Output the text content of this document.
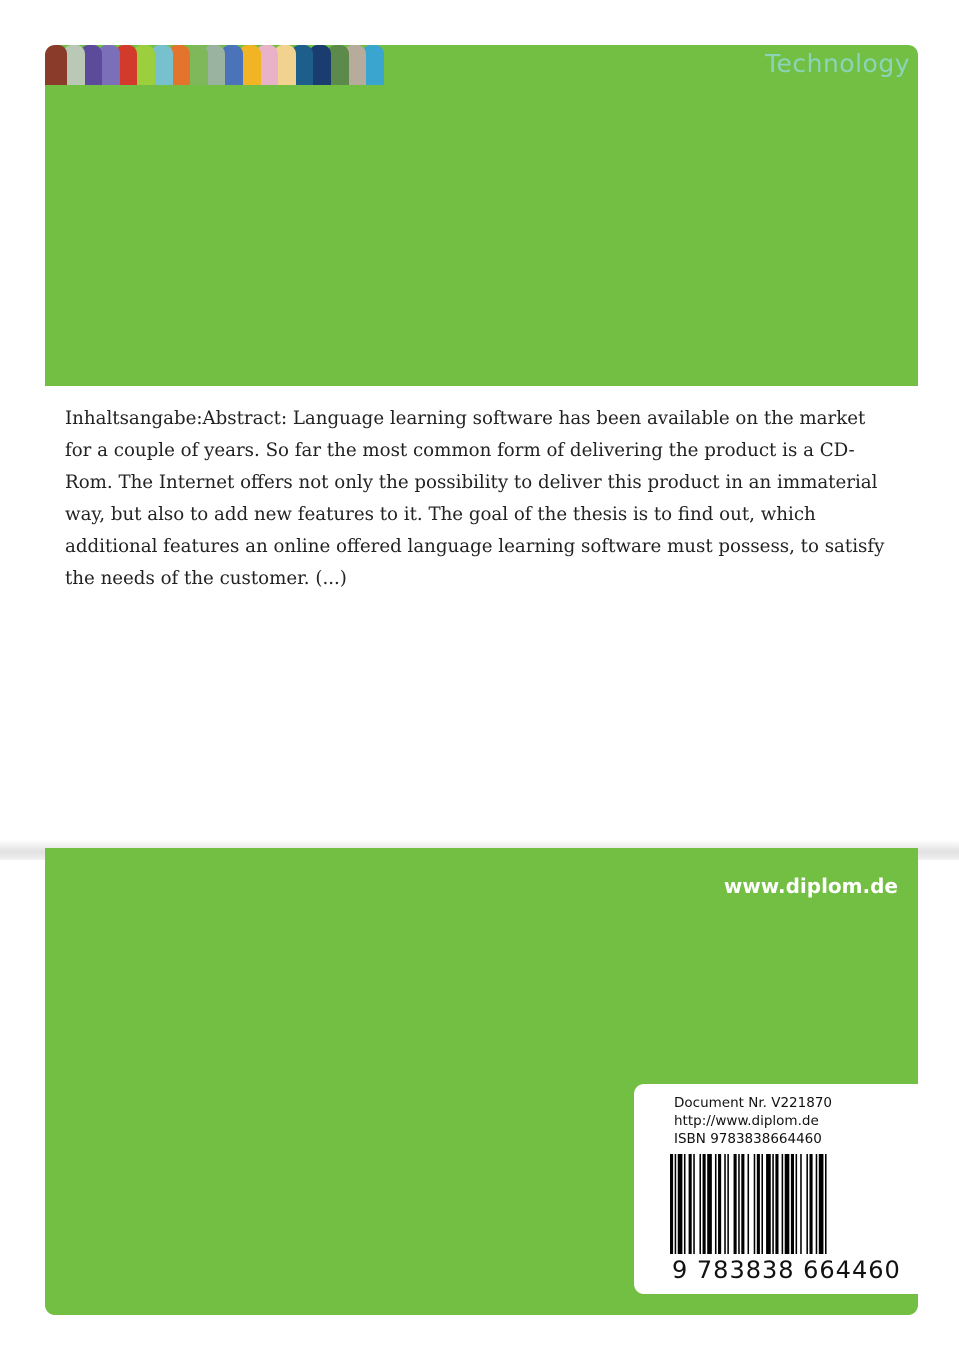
Technology

Inhaltsangabe:Abstract: Language learning software has been available on the market for a couple of years. So far the most common form of delivering the product is a CD-Rom. The Internet offers not only the possibility to deliver this product in an immaterial way, but also to add new features to it. The goal of the thesis is to find out, which additional features an online offered language learning software must possess, to satisfy the needs of the customer. (...)

www.diplom.de
Document Nr. V221870
http://www.diplom.de
ISBN 9783838664460
9 783838 664460
